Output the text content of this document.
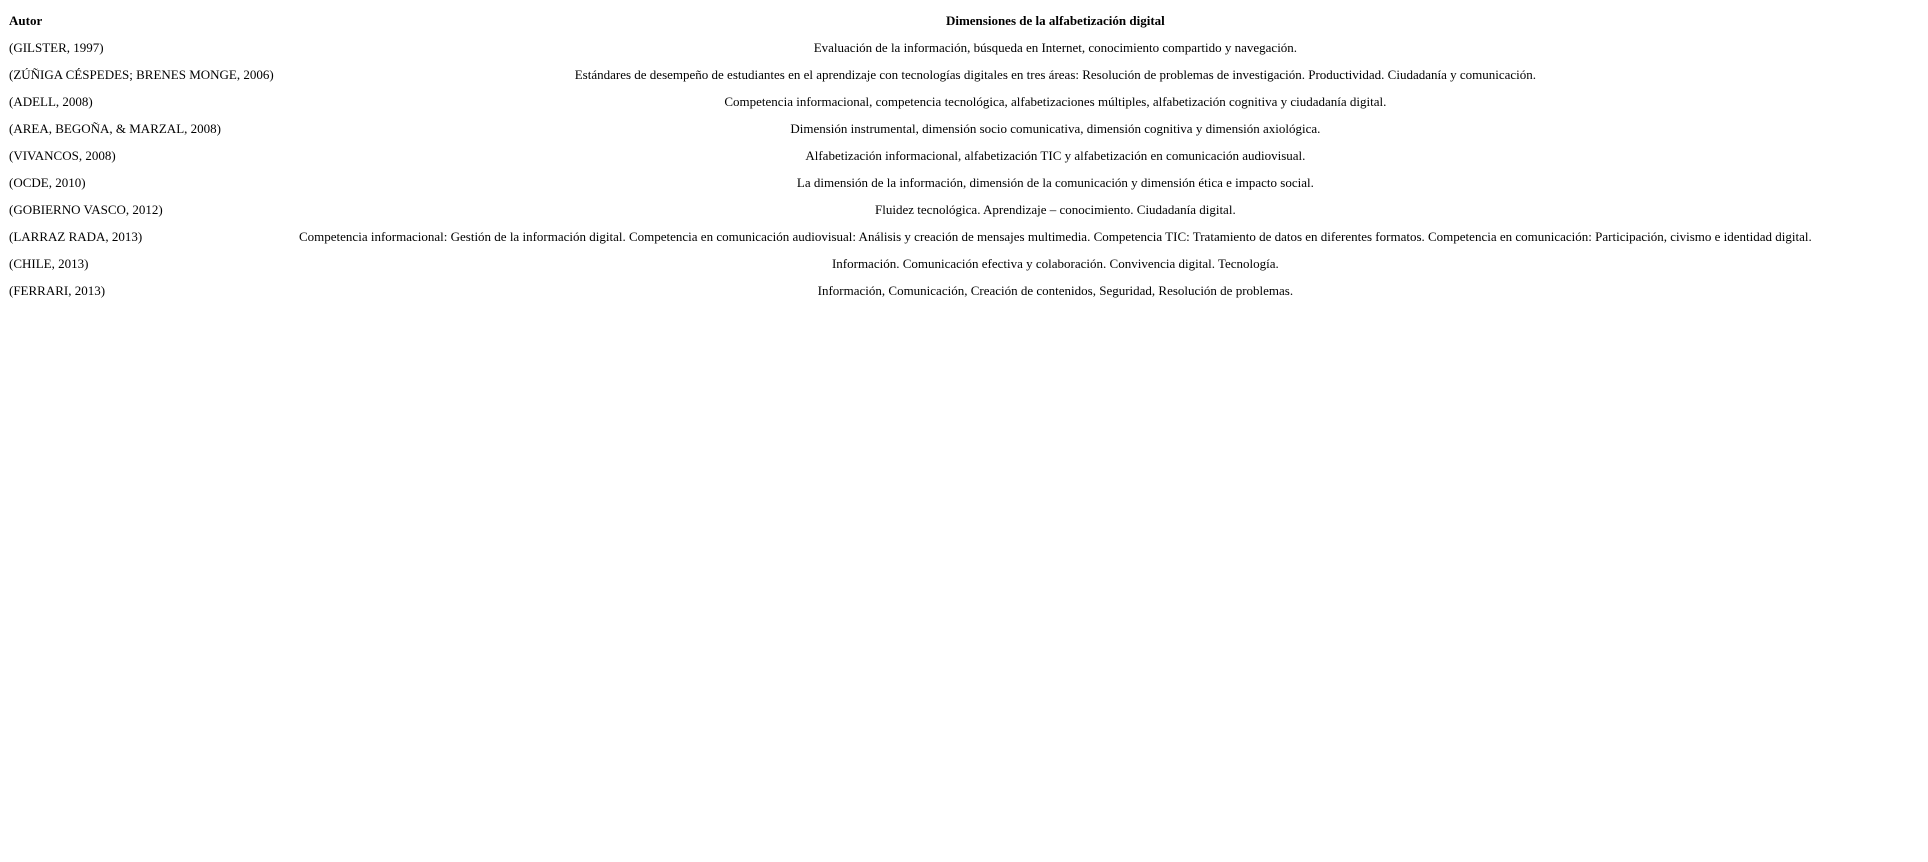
Autor	Dimensiones de la alfabetización digital
(GILSTER, 1997)	Evaluación de la información, búsqueda en Internet, conocimiento compartido y navegación.
(ZÚÑIGA CÉSPEDES; BRENES MONGE, 2006)	Estándares de desempeño de estudiantes en el aprendizaje con tecnologías digitales en tres áreas: Resolución de problemas de investigación. Productividad. Ciudadanía y comunicación.
(ADELL, 2008)	Competencia informacional, competencia tecnológica, alfabetizaciones múltiples, alfabetización cognitiva y ciudadanía digital.
(AREA, BEGOÑA, & MARZAL, 2008)	Dimensión instrumental, dimensión socio comunicativa, dimensión cognitiva y dimensión axiológica.
(VIVANCOS, 2008)	Alfabetización informacional, alfabetización TIC y alfabetización en comunicación audiovisual.
(OCDE, 2010)	La dimensión de la información, dimensión de la comunicación y dimensión ética e impacto social.
(GOBIERNO VASCO, 2012)	Fluidez tecnológica. Aprendizaje – conocimiento. Ciudadanía digital.
(LARRAZ RADA, 2013)	Competencia informacional: Gestión de la información digital. Competencia en comunicación audiovisual: Análisis y creación de mensajes multimedia. Competencia TIC: Tratamiento de datos en diferentes formatos. Competencia en comunicación: Participación, civismo e identidad digital.
(CHILE, 2013)	Información. Comunicación efectiva y colaboración. Convivencia digital. Tecnología.
(FERRARI, 2013)	Información, Comunicación, Creación de contenidos, Seguridad, Resolución de problemas.
